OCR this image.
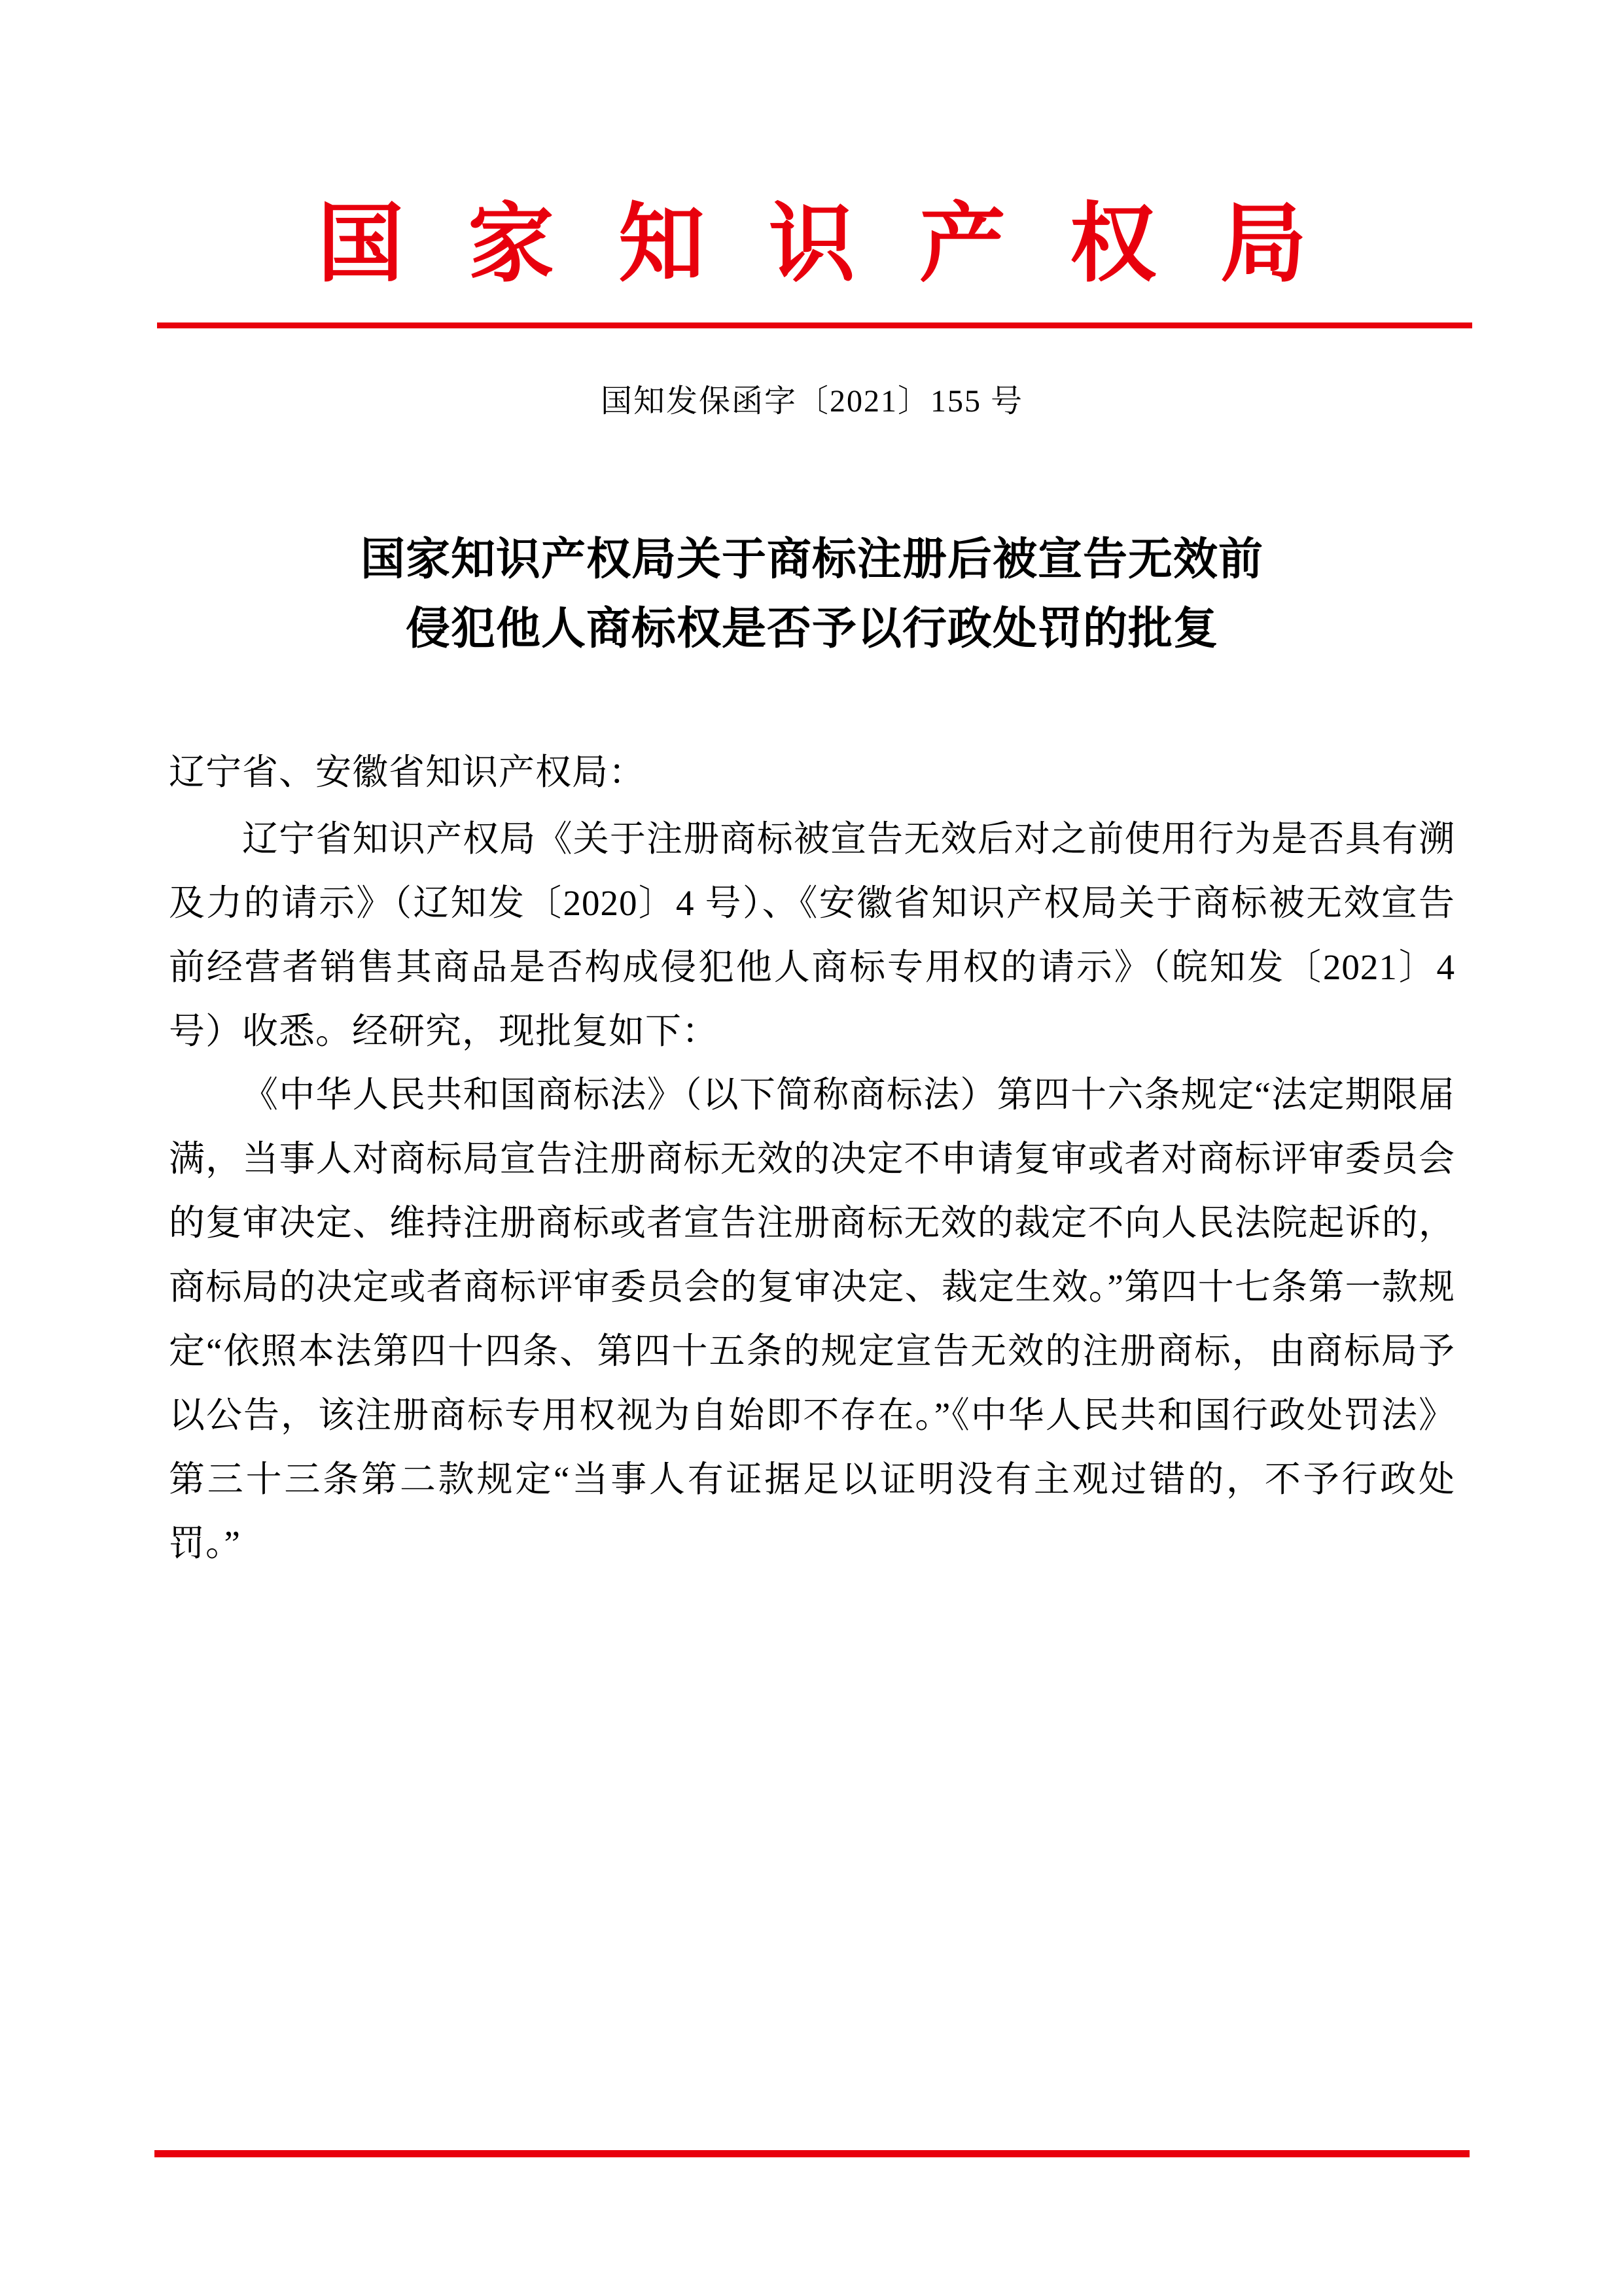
国 家 知 识 产 权 局
国知发保函字〔2021〕155 号
国家知识产权局关于商标注册后被宣告无效前
侵犯他人商标权是否予以行政处罚的批复
辽宁省、安徽省知识产权局：

辽宁省知识产权局《关于注册商标被宣告无效后对之前使用行为是否具有溯及力的请示》（辽知发〔2020〕4 号）、《安徽省知识产权局关于商标被无效宣告前经营者销售其商品是否构成侵犯他人商标专用权的请示》（皖知发〔2021〕4 号）收悉。经研究，现批复如下：

《中华人民共和国商标法》（以下简称商标法）第四十六条规定“法定期限届满，当事人对商标局宣告注册商标无效的决定不申请复审或者对商标评审委员会的复审决定、维持注册商标或者宣告注册商标无效的裁定不向人民法院起诉的，商标局的决定或者商标评审委员会的复审决定、裁定生效。”第四十七条第一款规定“依照本法第四十四条、第四十五条的规定宣告无效的注册商标，由商标局予以公告，该注册商标专用权视为自始即不存在。”《中华人民共和国行政处罚法》第三十三条第二款规定“当事人有证据足以证明没有主观过错的，不予行政处罚。”
